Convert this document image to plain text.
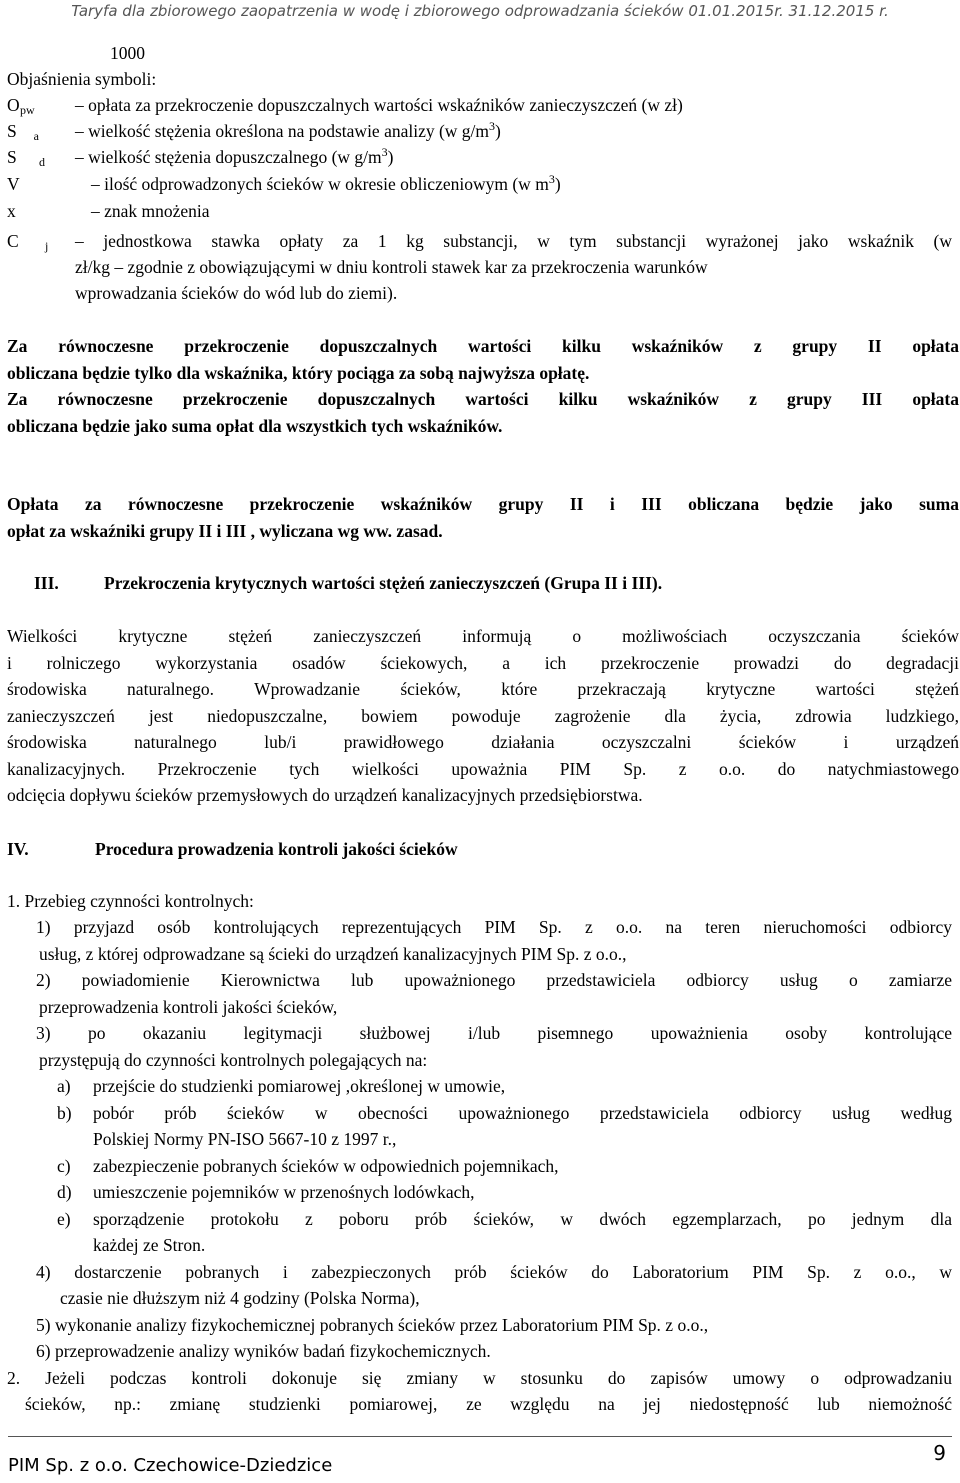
Taryfa dla zbiorowego zaopatrzenia w wodę i zbiorowego odprowadzania ścieków 01.01.2015r. 31.12.2015 r.
1000
Objaśnienia symboli:
O $_{pw}$ – opłata za przekroczenie dopuszczalnych wartości wskaźników zanieczyszczeń (w zł)
S $_a$ – wielkość stężenia określona na podstawie analizy (w $g/m^3$)
S $_d$ – wielkość stężenia dopuszczalnego (w $g/m^3$)
V	– ilość odprowadzonych ścieków w okresie obliczeniowym (w $m^3$)
x	– znak mnożenia
C $_j$ – jednostkowa stawka opłaty za 1 kg substancji, w tym substancji wyrażonej jako wskaźnik (w
zł/kg – zgodnie z obowiązującymi w dniu kontroli stawek kar za przekroczenia warunków
wprowadzania ścieków do wód lub do ziemi).
Za równoczesne przekroczenie dopuszczalnych wartości kilku wskaźników z grupy II opłata
obliczana będzie tylko dla wskaźnika, który pociąga za sobą najwyższa opłatę.
Za równoczesne przekroczenie dopuszczalnych wartości kilku wskaźników z grupy III opłata
obliczana będzie jako suma opłat dla wszystkich tych wskaźników.
Opłata za równoczesne przekroczenie wskaźników grupy II i III obliczana będzie jako suma
opłat za wskaźniki grupy II i III , wyliczana wg ww. zasad.
III.	Przekroczenia krytycznych wartości stężeń zanieczyszczeń (Grupa II i III).
Wielkości krytyczne stężeń zanieczyszczeń informują o możliwościach oczyszczania ścieków
i rolniczego wykorzystania osadów ściekowych, a ich przekroczenie prowadzi do degradacji
środowiska naturalnego. Wprowadzanie ścieków, które przekraczają krytyczne wartości stężeń
zanieczyszczeń jest niedopuszczalne, bowiem powoduje zagrożenie dla życia, zdrowia ludzkiego,
środowiska naturalnego lub/i prawidłowego działania oczyszczalni ścieków i urządzeń
kanalizacyjnych. Przekroczenie tych wielkości upoważnia PIM Sp. z o.o. do natychmiastowego
odcięcia dopływu ścieków przemysłowych do urządzeń kanalizacyjnych przedsiębiorstwa.
IV.	Procedura prowadzenia kontroli jakości ścieków
1. Przebieg czynności kontrolnych:
1) przyjazd osób kontrolujących reprezentujących PIM Sp. z o.o. na teren nieruchomości odbiorcy
usług, z której odprowadzane są ścieki do urządzeń kanalizacyjnych PIM Sp. z o.o.,
2) powiadomienie Kierownictwa lub upoważnionego przedstawiciela odbiorcy usług o zamiarze
przeprowadzenia kontroli jakości ścieków,
3) po okazaniu legitymacji służbowej i/lub pisemnego upoważnienia osoby kontrolujące
przystępują do czynności kontrolnych polegających na:
a) przejście do studzienki pomiarowej ,określonej w umowie,
b) pobór prób ścieków w obecności upoważnionego przedstawiciela odbiorcy usług według
Polskiej Normy PN-ISO 5667-10 z 1997 r.,
c) zabezpieczenie pobranych ścieków w odpowiednich pojemnikach,
d) umieszczenie pojemników w przenośnych lodówkach,
e) sporządzenie protokołu z poboru prób ścieków, w dwóch egzemplarzach, po jednym dla
każdej ze Stron.
4) dostarczenie pobranych i zabezpieczonych prób ścieków do Laboratorium PIM Sp. z o.o., w
czasie nie dłuższym niż 4 godziny (Polska Norma),
5) wykonanie analizy fizykochemicznej pobranych ścieków przez Laboratorium PIM Sp. z o.o.,
6) przeprowadzenie analizy wyników badań fizykochemicznych.
2. Jeżeli podczas kontroli dokonuje się zmiany w stosunku do zapisów umowy o odprowadzaniu
ścieków, np.: zmianę studzienki pomiarowej, ze względu na jej niedostępność lub niemożność
PIM Sp. z o.o. Czechowice-Dziedzice
9
